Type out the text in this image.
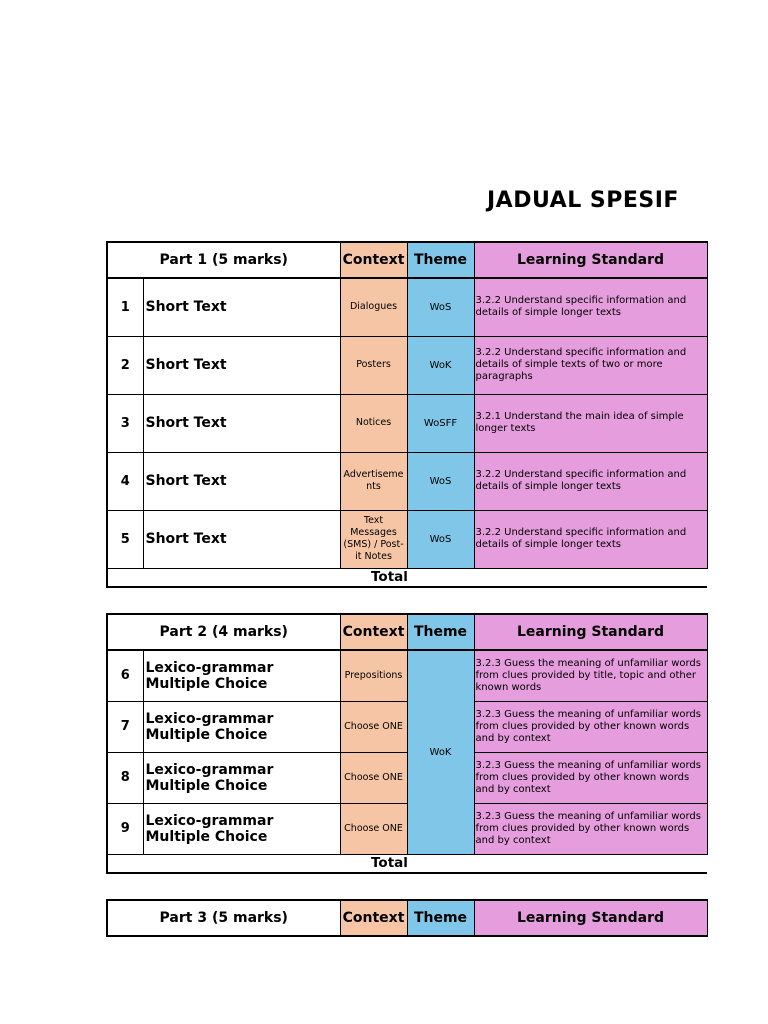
JADUAL SPESIF
Part 1 (5 marks)		Context	Theme	Learning Standard
1	Short Text	Dialogues	WoS	3.2.2 Understand specific information and details of simple longer texts
2	Short Text	Posters	WoK	3.2.2 Understand specific information and details of simple texts of two or more paragraphs
3	Short Text	Notices	WoSFF	3.2.1 Understand the main idea of simple longer texts
4	Short Text	Advertiseme nts	WoS	3.2.2 Understand specific information and details of simple longer texts
5	Short Text	Text Messages (SMS) / Post-it Notes	WoS	3.2.2 Understand specific information and details of simple longer texts
	Total			
Part 2 (4 marks)		Context	Theme	Learning Standard
6	Lexico-grammar Multiple Choice	Prepositions	WoK	3.2.3 Guess the meaning of unfamiliar words from clues provided by title, topic and other known words
7	Lexico-grammar Multiple Choice	Choose ONE		3.2.3 Guess the meaning of unfamiliar words from clues provided by other known words and by context
8	Lexico-grammar Multiple Choice	Choose ONE		3.2.3 Guess the meaning of unfamiliar words from clues provided by other known words and by context
9	Lexico-grammar Multiple Choice	Choose ONE		3.2.3 Guess the meaning of unfamiliar words from clues provided by other known words and by context
	Total			
Part 3 (5 marks)	Context	Theme	Learning Standard
